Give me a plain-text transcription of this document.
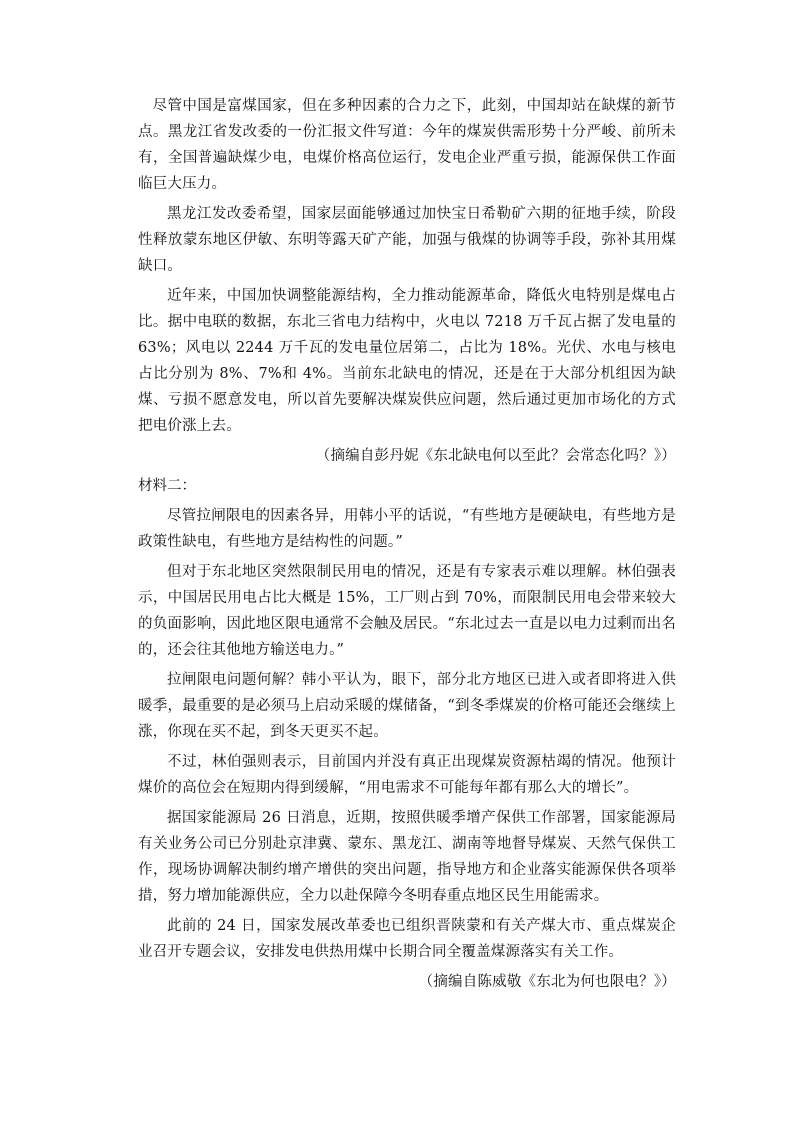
尽管中国是富煤国家，但在多种因素的合力之下，此刻，中国却站在缺煤的新节点。黑龙江省发改委的一份汇报文件写道：今年的煤炭供需形势十分严峻、前所未有，全国普遍缺煤少电，电煤价格高位运行，发电企业严重亏损，能源保供工作面临巨大压力。

黑龙江发改委希望，国家层面能够通过加快宝日希勒矿六期的征地手续，阶段性释放蒙东地区伊敏、东明等露天矿产能，加强与俄煤的协调等手段，弥补其用煤缺口。

近年来，中国加快调整能源结构，全力推动能源革命，降低火电特别是煤电占比。据中电联的数据，东北三省电力结构中，火电以 7218 万千瓦占据了发电量的 63%；风电以 2244 万千瓦的发电量位居第二，占比为 18%。光伏、水电与核电占比分别为 8%、7%和 4%。当前东北缺电的情况，还是在于大部分机组因为缺煤、亏损不愿意发电，所以首先要解决煤炭供应问题，然后通过更加市场化的方式把电价涨上去。

（摘编自彭丹妮《东北缺电何以至此？会常态化吗？》）

材料二：

尽管拉闸限电的因素各异，用韩小平的话说，“有些地方是硬缺电，有些地方是政策性缺电，有些地方是结构性的问题。”

但对于东北地区突然限制民用电的情况，还是有专家表示难以理解。林伯强表示，中国居民用电占比大概是 15%，工厂则占到 70%，而限制民用电会带来较大的负面影响，因此地区限电通常不会触及居民。“东北过去一直是以电力过剩而出名的，还会往其他地方输送电力。”

拉闸限电问题何解？韩小平认为，眼下，部分北方地区已进入或者即将进入供暖季，最重要的是必须马上启动采暖的煤储备，“到冬季煤炭的价格可能还会继续上涨，你现在买不起，到冬天更买不起。

不过，林伯强则表示，目前国内并没有真正出现煤炭资源枯竭的情况。他预计煤价的高位会在短期内得到缓解，“用电需求不可能每年都有那么大的增长”。

据国家能源局 26 日消息，近期，按照供暖季增产保供工作部署，国家能源局有关业务公司已分别赴京津冀、蒙东、黑龙江、湖南等地督导煤炭、天然气保供工作，现场协调解决制约增产增供的突出问题，指导地方和企业落实能源保供各项举措，努力增加能源供应，全力以赴保障今冬明春重点地区民生用能需求。

此前的 24 日，国家发展改革委也已组织晋陕蒙和有关产煤大市、重点煤炭企业召开专题会议，安排发电供热用煤中长期合同全覆盖煤源落实有关工作。

（摘编自陈威敬《东北为何也限电？》）
